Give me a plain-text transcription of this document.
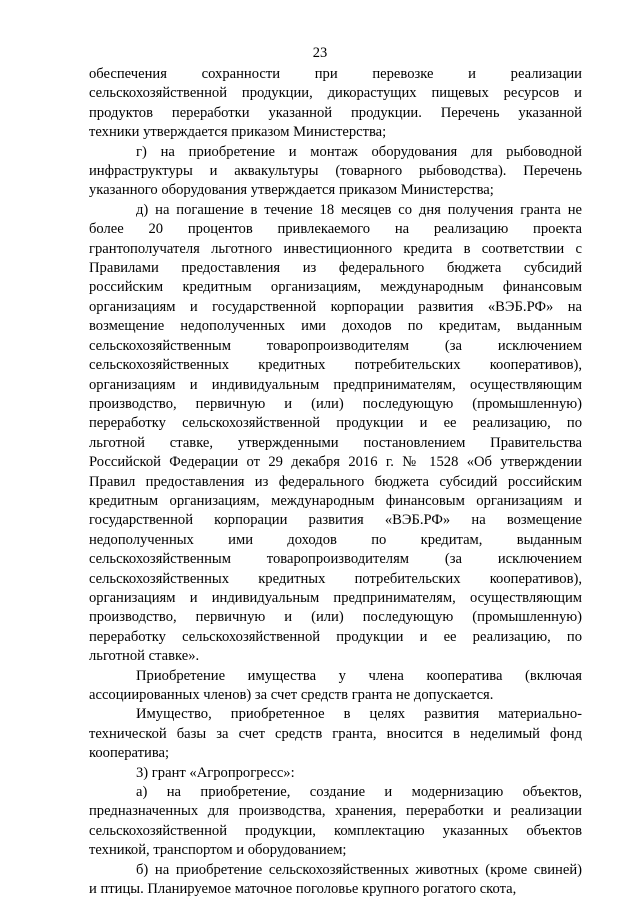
23
обеспечения сохранности при перевозке и реализации
сельскохозяйственной продукции, дикорастущих пищевых ресурсов и
продуктов переработки указанной продукции. Перечень указанной
техники утверждается приказом Министерства;
г) на приобретение и монтаж оборудования для рыбоводной
инфраструктуры и аквакультуры (товарного рыбоводства). Перечень
указанного оборудования утверждается приказом Министерства;
д) на погашение в течение 18 месяцев со дня получения гранта не
более 20 процентов привлекаемого на реализацию проекта
грантополучателя льготного инвестиционного кредита в соответствии с
Правилами предоставления из федерального бюджета субсидий
российским кредитным организациям, международным финансовым
организациям и государственной корпорации развития «ВЭБ.РФ» на
возмещение недополученных ими доходов по кредитам, выданным
сельскохозяйственным товаропроизводителям (за исключением
сельскохозяйственных кредитных потребительских кооперативов),
организациям и индивидуальным предпринимателям, осуществляющим
производство, первичную и (или) последующую (промышленную)
переработку сельскохозяйственной продукции и ее реализацию, по
льготной ставке, утвержденными постановлением Правительства
Российской Федерации от 29 декабря 2016 г. № 1528 «Об утверждении
Правил предоставления из федерального бюджета субсидий российским
кредитным организациям, международным финансовым организациям и
государственной корпорации развития «ВЭБ.РФ» на возмещение
недополученных ими доходов по кредитам, выданным
сельскохозяйственным товаропроизводителям (за исключением
сельскохозяйственных кредитных потребительских кооперативов),
организациям и индивидуальным предпринимателям, осуществляющим
производство, первичную и (или) последующую (промышленную)
переработку сельскохозяйственной продукции и ее реализацию, по
льготной ставке».
Приобретение имущества у члена кооператива (включая
ассоциированных членов) за счет средств гранта не допускается.
Имущество, приобретенное в целях развития материально-
технической базы за счет средств гранта, вносится в неделимый фонд
кооператива;
3) грант «Агропрогресс»:
а) на приобретение, создание и модернизацию объектов,
предназначенных для производства, хранения, переработки и реализации
сельскохозяйственной продукции, комплектацию указанных объектов
техникой, транспортом и оборудованием;
б) на приобретение сельскохозяйственных животных (кроме свиней)
и птицы. Планируемое маточное поголовье крупного рогатого скота,
